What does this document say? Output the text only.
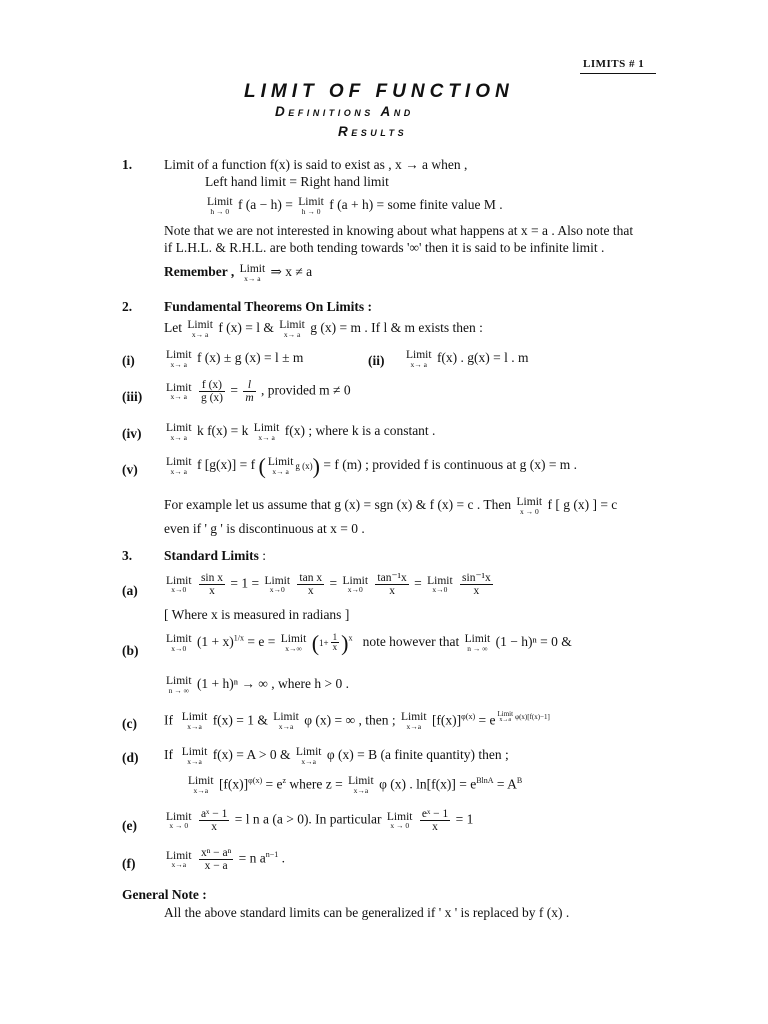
LIMITS # 1
LIMIT OF FUNCTION
Definitions And
Results
1. Limit of a function f(x) is said to exist as , x → a when ,
Left hand limit = Right hand limit
Limit
h → 0 f (a − h) = Limit
h → 0 f (a + h) = some finite value M .
Note that we are not interested in knowing about what happens at x = a . Also note that
if L.H.L. & R.H.L. are both tending towards '∞' then it is said to be infinite limit .
Remember , Limit
x→ a ⇒ x ≠ a
2. Fundamental Theorems On Limits :
Let Limit
x→ a f (x) = l & Limit
x→ a g (x) = m . If l & m exists then :
(i)	Limit
x→ a f (x) ± g (x) = l ± m	(ii) Limit
x→ a f(x) . g(x) = l . m
(iii)
Limit
x→ a
	$\frac{f (x)}{g (x)} = \frac{l}{m}$ , provided m ≠ 0
(iv) Limit
x→ a k f(x) = k Limit
x→ a f(x) ; where k is a constant .
(v) Limit
x→ a f [g(x)] = f ( Limit
x→ a
g (x)) = f (m) ; provided f is continuous at g (x) = m .
For example let us assume that g (x) = sgn (x) & f (x) = c . Then Limit
x → 0 f [ g (x) ] = c
even if ' g ' is discontinuous at x = 0 .
3. Standard Limits :
(a)
Limit
x→0
	$\frac{\text{sin x}}{x} = 1$ = Limit
x→0
	$\frac{\text{tan x}}{x}$ = Limit
x→0
	$\frac{\text{tan⁻¹x}}{x}$ = Limit
x→0
	$\frac{\text{sin⁻¹x}}{x}$
[ Where x is measured in radians ]
(b)
Limit
x→0 $(1 + x)^{1/x} = e$ = Limit
x→∞ $(1+ \frac{1}{x} )^x$ note however that Limit
n → ∞ (1 − h)ⁿ = 0 &
Limit
n → ∞ (1 + h)ⁿ → ∞ , where h > 0 .
(c) If Limit
x→a f(x) = 1 & Limit
x→a φ (x) = ∞ , then ; Limit
x→a $[f(x)]^{\varphi(x)} = e$ $^{Limit x\to a \varphi(x)[f(x)-1]}$
(d) If Limit
x→a f(x) = A > 0 & Limit
x→a φ (x) = B (a finite quantity) then ;
Limit
x→a $[f(x)]^{\varphi(x)} = e^z$ where z = Limit
x→a φ (x) . $\ln[f(x)] = e^{BlnA} = A^B$
(e)
Limit
x → 0
$\frac{\text{aˣ − 1}}{x} = l$ n a (a > 0). In particular Limit
x → 0
$\frac{\text{eˣ − 1}}{x} = 1$
(f)
Limit
x→a
	$\frac{\text{xⁿ − aⁿ}}{x - a} = n$ $a^{n-1}$ .
General Note :
All the above standard limits can be generalized if ' x ' is replaced by f (x) .
